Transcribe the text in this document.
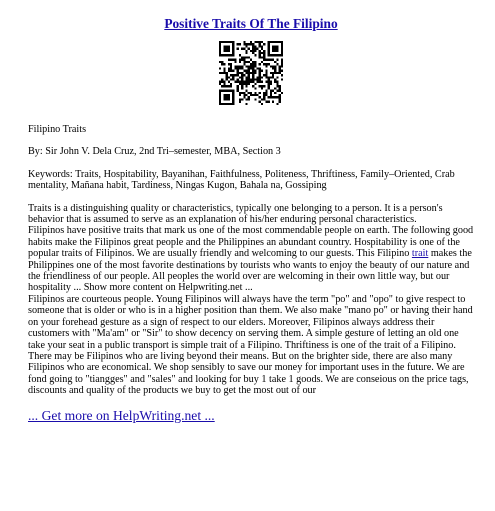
Positive Traits Of The Filipino

Filipino Traits

By: Sir John V. Dela Cruz, 2nd Tri–semester, MBA, Section 3

Keywords: Traits, Hospitability, Bayanihan, Faithfulness, Politeness, Thriftiness, Family–Oriented, Crab mentality, Mañana habit, Tardiness, Ningas Kugon, Bahala na, Gossiping

Traits is a distinguishing quality or characteristics, typically one belonging to a person. It is a person's behavior that is assumed to serve as an explanation of his/her enduring personal characteristics.

Filipinos have positive traits that mark us one of the most commendable people on earth. The following good habits make the Filipinos great people and the Philippines an abundant country. Hospitability is one of the popular traits of Filipinos. We are usually friendly and welcoming to our guests. This Filipino trait makes the Philippines one of the most favorite destinations by tourists who wants to enjoy the beauty of our nature and the friendliness of our people. All peoples the world over are welcoming in their own little way, but our hospitality ... Show more content on Helpwriting.net ...

Filipinos are courteous people. Young Filipinos will always have the term "po" and "opo" to give respect to someone that is older or who is in a higher position than them. We also make "mano po" or having their hand on your forehead gesture as a sign of respect to our elders. Moreover, Filipinos always address their customers with "Ma'am" or "Sir" to show decency on serving them. A simple gesture of letting an old one take your seat in a public transport is simple trait of a Filipino. Thriftiness is one of the trait of a Filipino. There may be Filipinos who are living beyond their means. But on the brighter side, there are also many Filipinos who are economical. We shop sensibly to save our money for important uses in the future. We are fond going to "tiangges" and "sales" and looking for buy 1 take 1 goods. We are conseious on the price tags, discounts and quality of the products we buy to get the most out of our

... Get more on HelpWriting.net ...
